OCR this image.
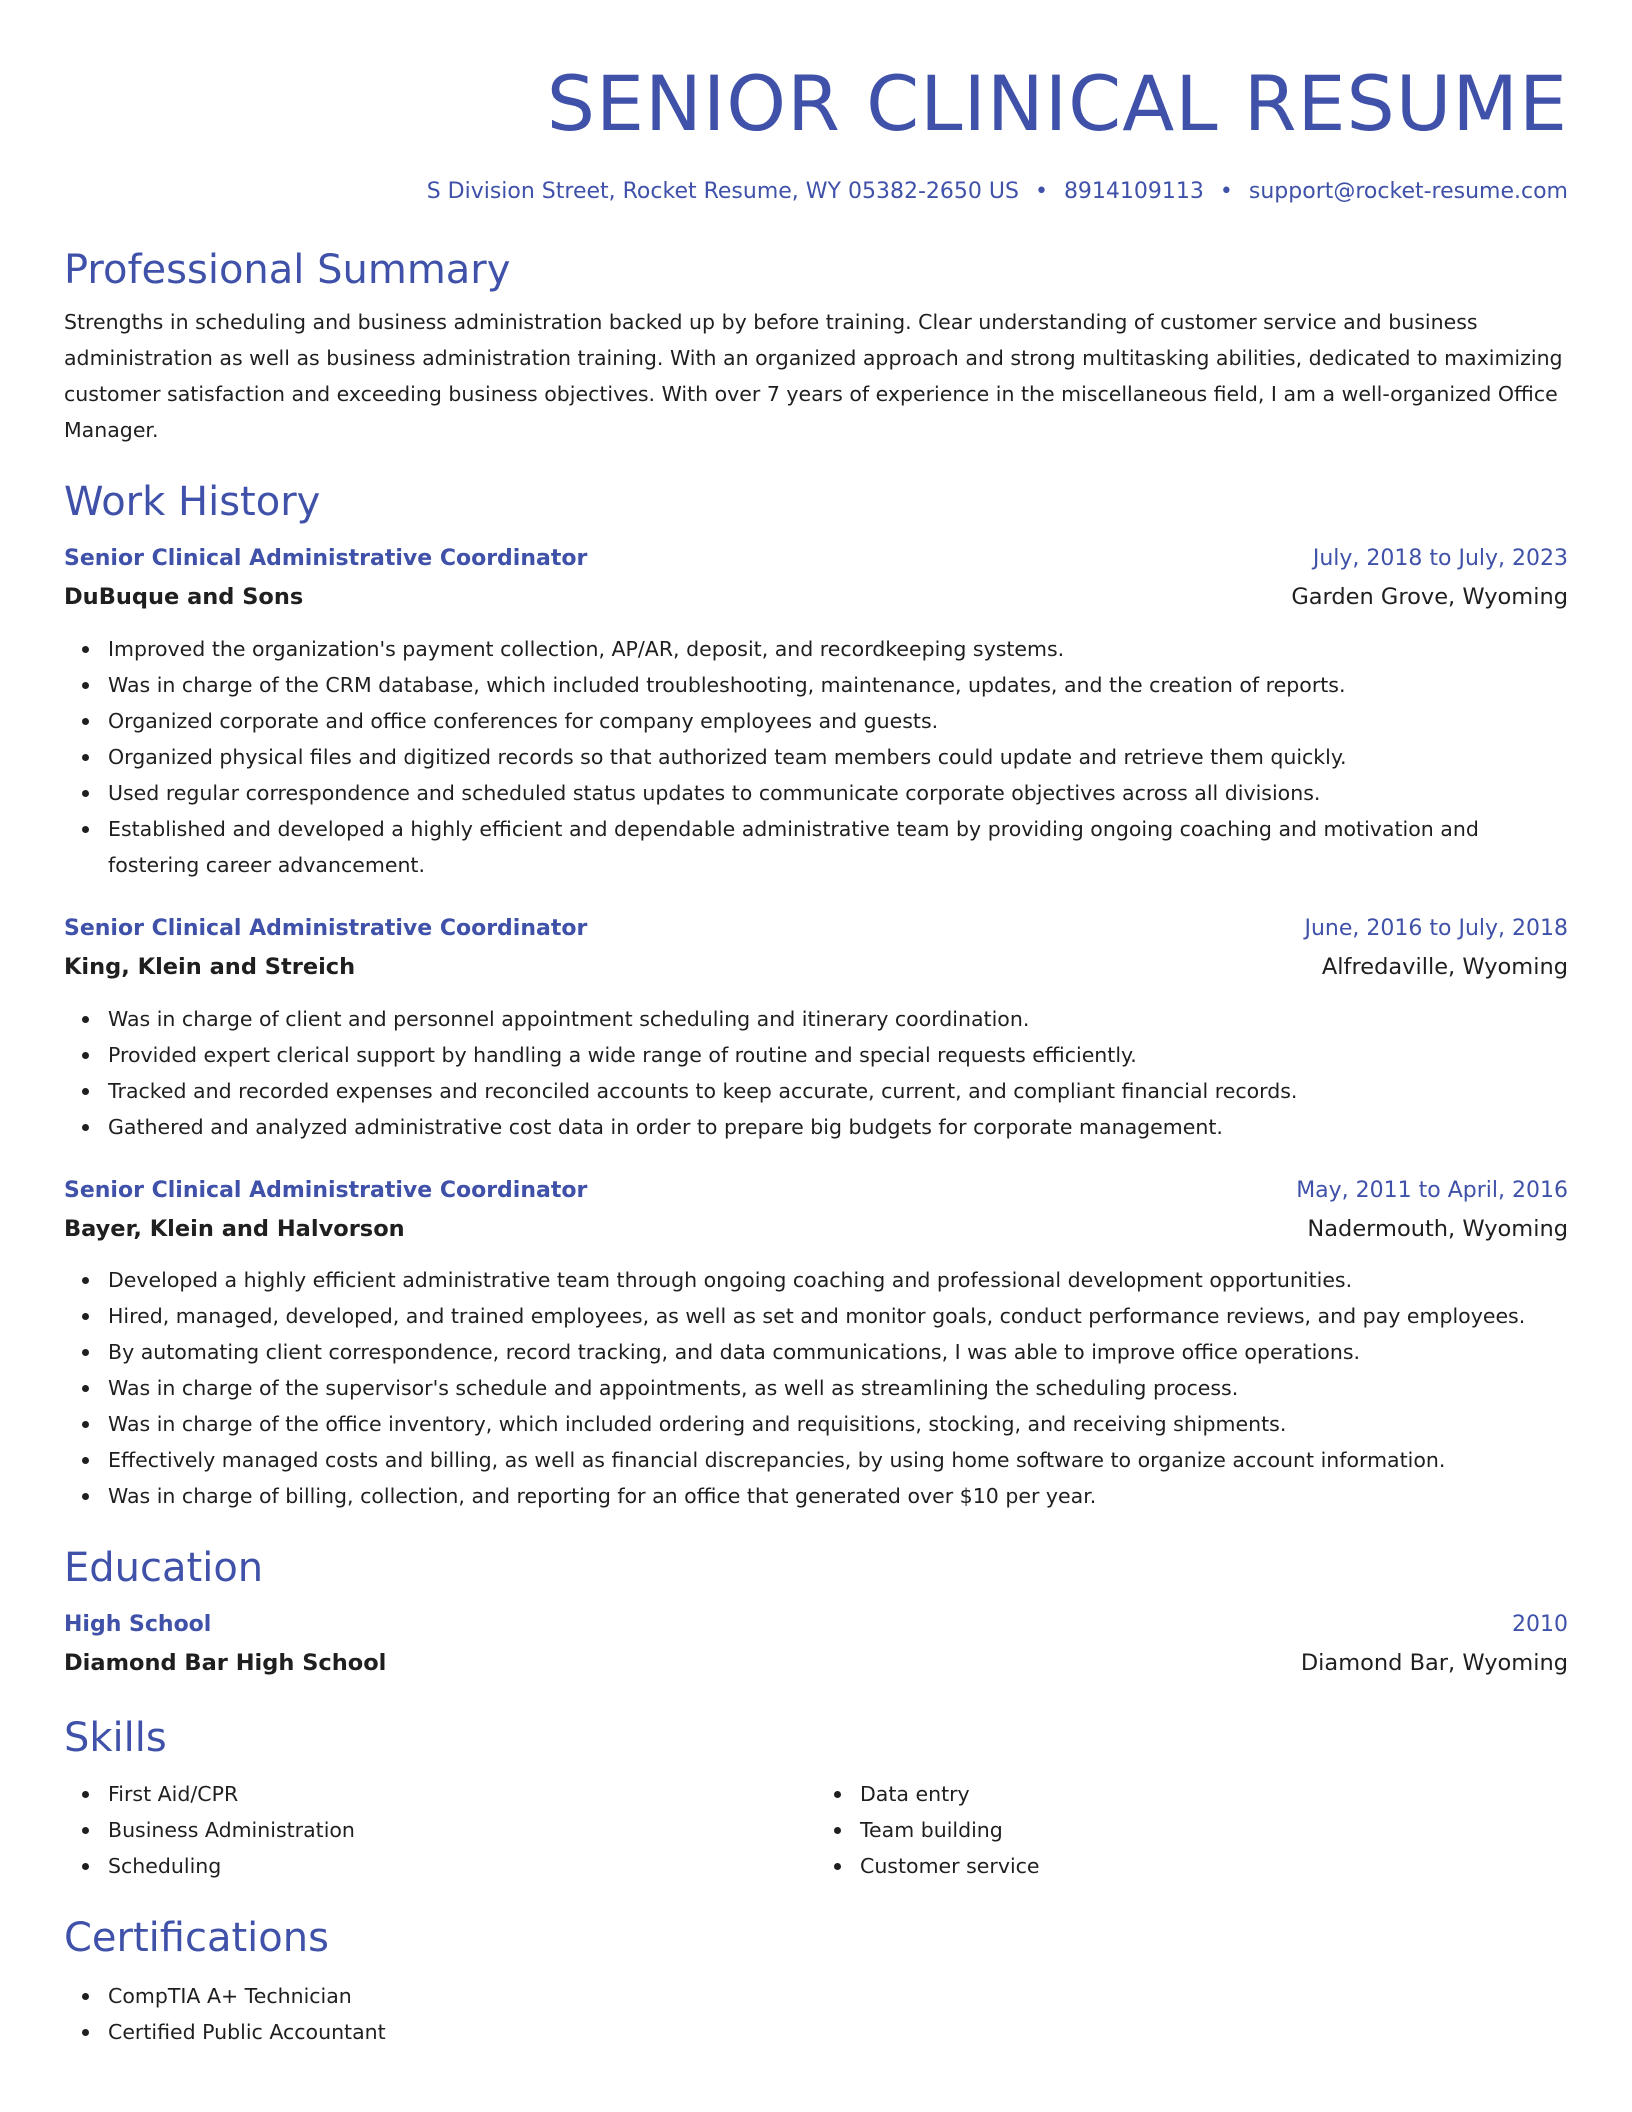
SENIOR CLINICAL RESUME
S Division Street, Rocket Resume, WY 05382-2650 US • 8914109113 • support@rocket-resume.com
Professional Summary

Strengths in scheduling and business administration backed up by before training. Clear understanding of customer service and business administration as well as business administration training. With an organized approach and strong multitasking abilities, dedicated to maximizing customer satisfaction and exceeding business objectives. With over 7 years of experience in the miscellaneous field, I am a well-organized Office Manager.

Work History
Senior Clinical Administrative Coordinator	July, 2018 to July, 2023
DuBuque and Sons	Garden Grove, Wyoming
Improved the organization's payment collection, AP/AR, deposit, and recordkeeping systems.
Was in charge of the CRM database, which included troubleshooting, maintenance, updates, and the creation of reports.
Organized corporate and office conferences for company employees and guests.
Organized physical files and digitized records so that authorized team members could update and retrieve them quickly.
Used regular correspondence and scheduled status updates to communicate corporate objectives across all divisions.
Established and developed a highly efficient and dependable administrative team by providing ongoing coaching and motivation and fostering career advancement.
Senior Clinical Administrative Coordinator	June, 2016 to July, 2018
King, Klein and Streich	Alfredaville, Wyoming
Was in charge of client and personnel appointment scheduling and itinerary coordination.
Provided expert clerical support by handling a wide range of routine and special requests efficiently.
Tracked and recorded expenses and reconciled accounts to keep accurate, current, and compliant financial records.
Gathered and analyzed administrative cost data in order to prepare big budgets for corporate management.
Senior Clinical Administrative Coordinator	May, 2011 to April, 2016
Bayer, Klein and Halvorson	Nadermouth, Wyoming
Developed a highly efficient administrative team through ongoing coaching and professional development opportunities.
Hired, managed, developed, and trained employees, as well as set and monitor goals, conduct performance reviews, and pay employees.
By automating client correspondence, record tracking, and data communications, I was able to improve office operations.
Was in charge of the supervisor's schedule and appointments, as well as streamlining the scheduling process.
Was in charge of the office inventory, which included ordering and requisitions, stocking, and receiving shipments.
Effectively managed costs and billing, as well as financial discrepancies, by using home software to organize account information.
Was in charge of billing, collection, and reporting for an office that generated over $10 per year.
Education
High School	2010
Diamond Bar High School	Diamond Bar, Wyoming
Skills
First Aid/CPR
Business Administration
Scheduling
Data entry
Team building
Customer service
Certifications
CompTIA A+ Technician
Certified Public Accountant
